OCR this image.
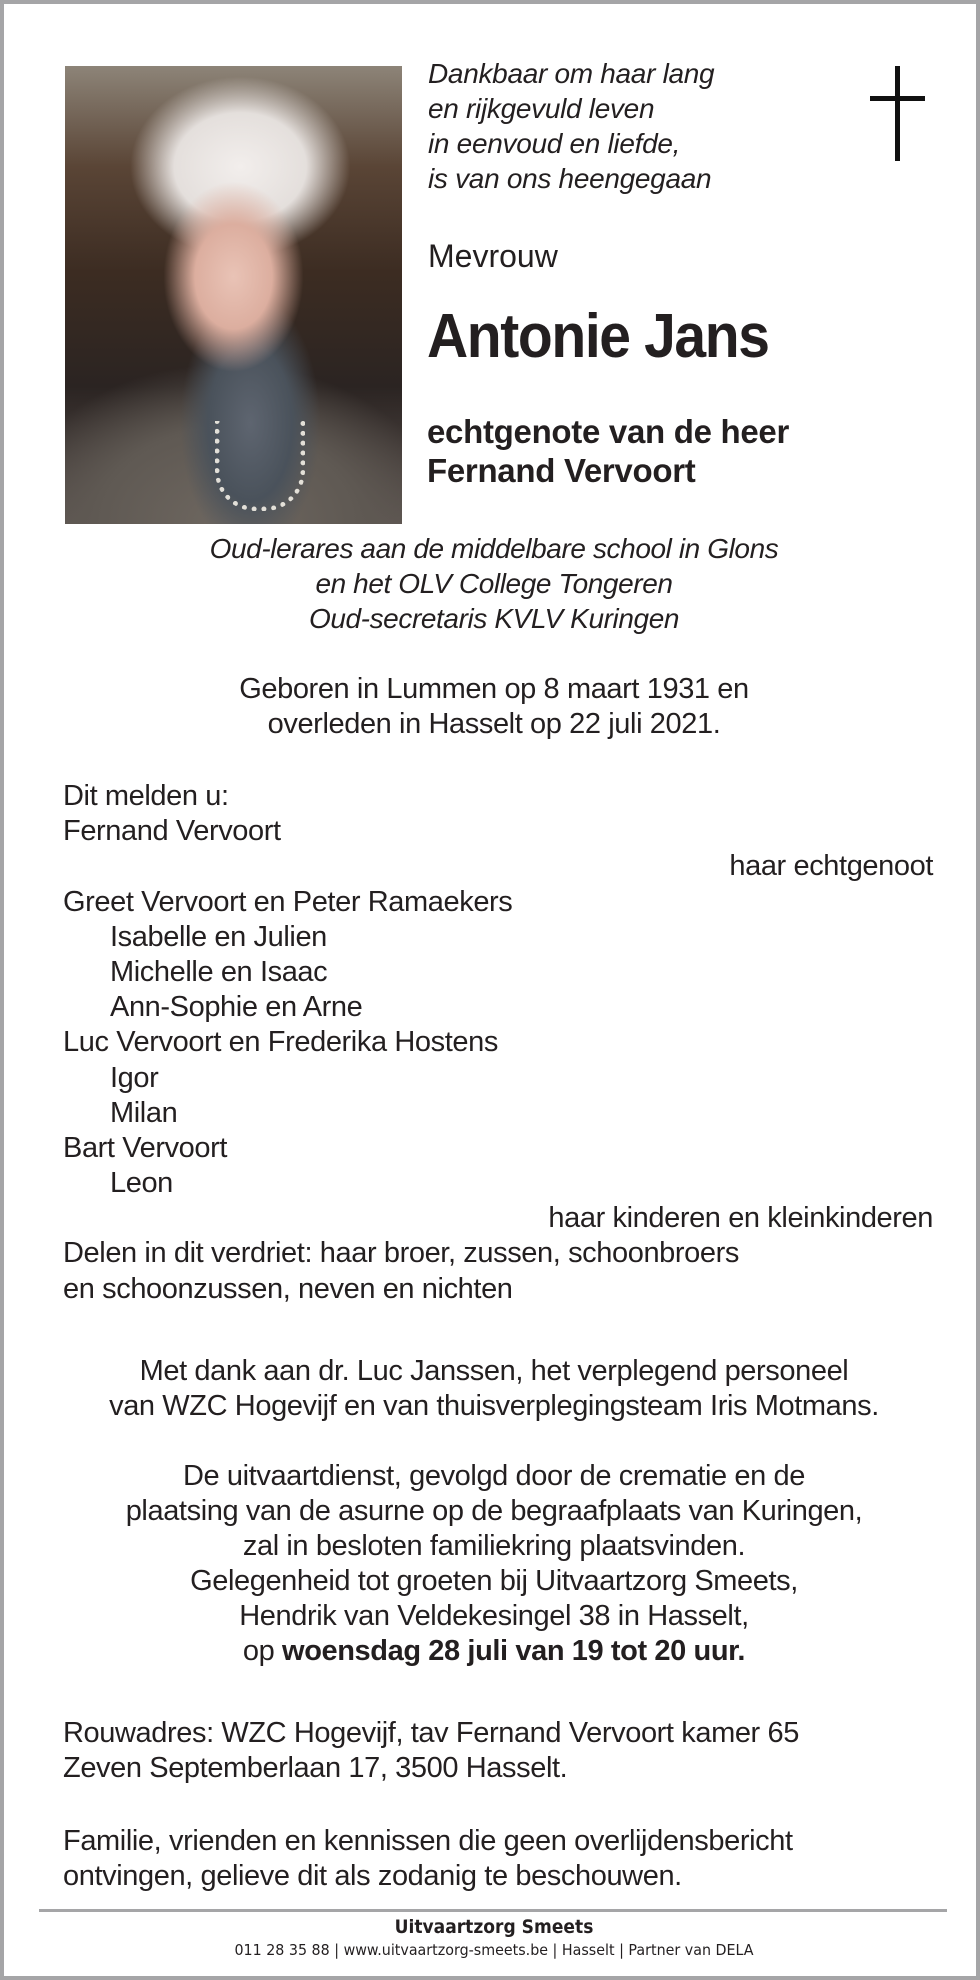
Dankbaar om haar lang
en rijkgevuld leven
in eenvoud en liefde,
is van ons heengegaan
Mevrouw
Antonie Jans
echtgenote van de heer
Fernand Vervoort
Oud-lerares aan de middelbare school in Glons
en het OLV College Tongeren
Oud-secretaris KVLV Kuringen
Geboren in Lummen op 8 maart 1931 en
overleden in Hasselt op 22 juli 2021.
Dit melden u:
Fernand Vervoort
haar echtgenoot
Greet Vervoort en Peter Ramaekers
Isabelle en Julien
Michelle en Isaac
Ann-Sophie en Arne
Luc Vervoort en Frederika Hostens
Igor
Milan
Bart Vervoort
Leon
haar kinderen en kleinkinderen
Delen in dit verdriet: haar broer, zussen, schoonbroers
en schoonzussen, neven en nichten
Met dank aan dr. Luc Janssen, het verplegend personeel
van WZC Hogevijf en van thuisverplegingsteam Iris Motmans.
De uitvaartdienst, gevolgd door de crematie en de
plaatsing van de asurne op de begraafplaats van Kuringen,
zal in besloten familiekring plaatsvinden.
Gelegenheid tot groeten bij Uitvaartzorg Smeets,
Hendrik van Veldekesingel 38 in Hasselt,
op woensdag 28 juli van 19 tot 20 uur.
Rouwadres: WZC Hogevijf, tav Fernand Vervoort kamer 65
Zeven Septemberlaan 17, 3500 Hasselt.
Familie, vrienden en kennissen die geen overlijdensbericht
ontvingen, gelieve dit als zodanig te beschouwen.
Uitvaartzorg Smeets
011 28 35 88 | www.uitvaartzorg-smeets.be | Hasselt | Partner van DELA
